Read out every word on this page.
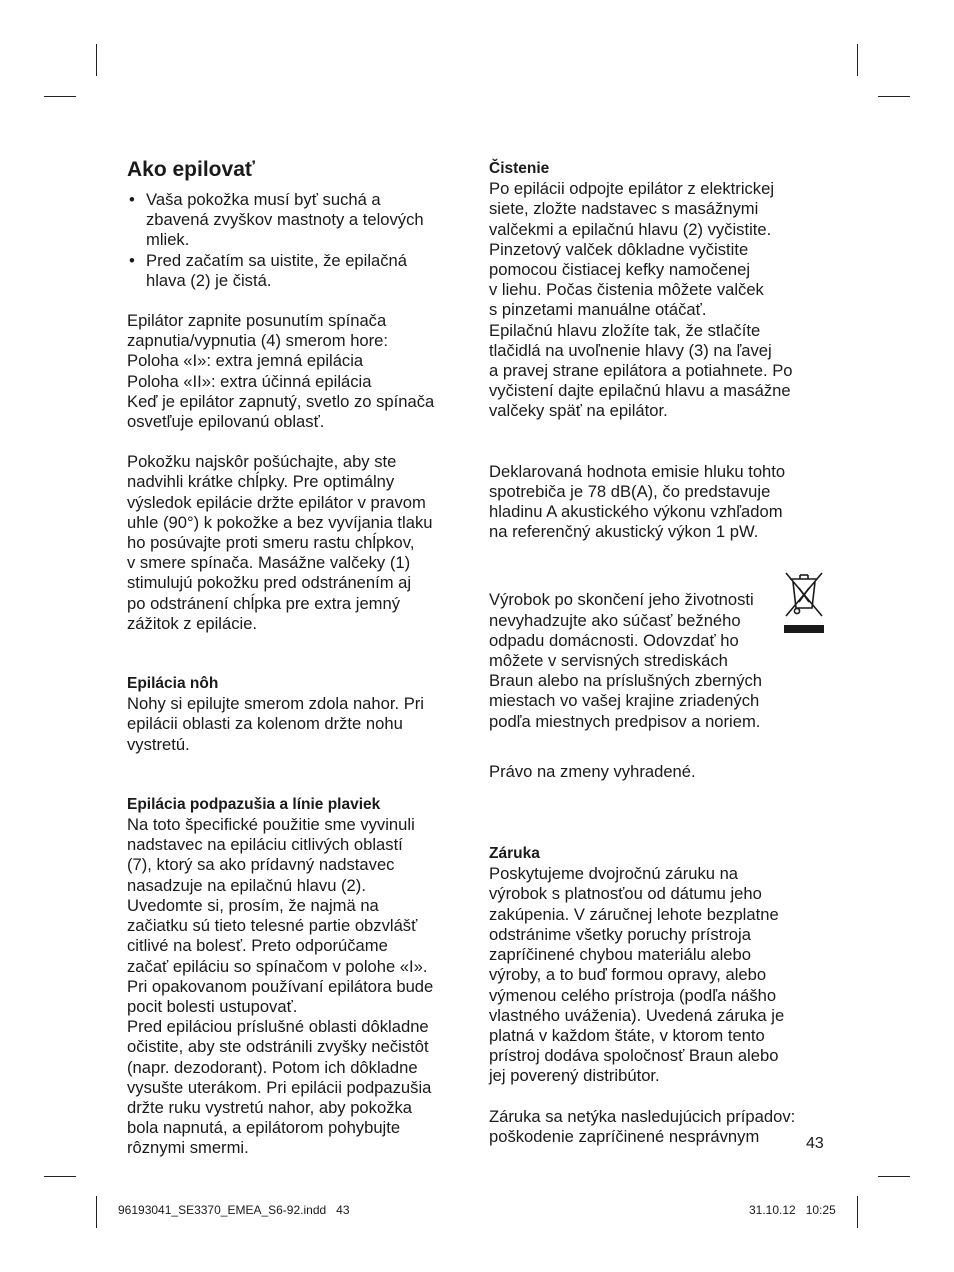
Ako epilovať
• Vaša pokožka musí byť suchá a
zbavená zvyškov mastnoty a telových
mliek.
• Pred začatím sa uistite, že epilačná
hlava (2) je čistá.
Epilátor zapnite posunutím spínača
zapnutia/vypnutia (4) smerom hore:
Poloha «I»: extra jemná epilácia
Poloha «II»: extra účinná epilácia
Keď je epilátor zapnutý, svetlo zo spínača
osvetľuje epilovanú oblasť.
Pokožku najskôr pošúchajte, aby ste
nadvihli krátke chĺpky. Pre optimálny
výsledok epilácie držte epilátor v pravom
uhle (90°) k pokožke a bez vyvíjania tlaku
ho posúvajte proti smeru rastu chĺpkov,
v smere spínača. Masážne valčeky (1)
stimulujú pokožku pred odstránením aj
po odstránení chĺpka pre extra jemný
zážitok z epilácie.
Epilácia nôh
Nohy si epilujte smerom zdola nahor. Pri
epilácii oblasti za kolenom držte nohu
vystretú.
Epilácia podpazušia a línie plaviek
Na toto špecifické použitie sme vyvinuli
nadstavec na epiláciu citlivých oblastí
(7), ktorý sa ako prídavný nadstavec
nasadzuje na epilačnú hlavu (2).
Uvedomte si, prosím, že najmä na
začiatku sú tieto telesné partie obzvlášť
citlivé na bolesť. Preto odporúčame
začať epiláciu so spínačom v polohe «I».
Pri opakovanom používaní epilátora bude
pocit bolesti ustupovať.
Pred epiláciou príslušné oblasti dôkladne
očistite, aby ste odstránili zvyšky nečistôt
(napr. dezodorant). Potom ich dôkladne
vysušte uterákom. Pri epilácii podpazušia
držte ruku vystretú nahor, aby pokožka
bola napnutá, a epilátorom pohybujte
rôznymi smermi.
Čistenie
Po epilácii odpojte epilátor z elektrickej
siete, zložte nadstavec s masážnymi
valčekmi a epilačnú hlavu (2) vyčistite.
Pinzetový valček dôkladne vyčistite
pomocou čistiacej kefky namočenej
v liehu. Počas čistenia môžete valček
s pinzetami manuálne otáčať.
Epilačnú hlavu zložíte tak, že stlačíte
tlačidlá na uvoľnenie hlavy (3) na ľavej
a pravej strane epilátora a potiahnete. Po
vyčistení dajte epilačnú hlavu a masážne
valčeky späť na epilátor.
Deklarovaná hodnota emisie hluku tohto
spotrebiča je 78 dB(A), čo predstavuje
hladinu A akustického výkonu vzhľadom
na referenčný akustický výkon 1 pW.
Výrobok po skončení jeho životnosti
nevyhadzujte ako súčasť bežného
odpadu domácnosti. Odovzdať ho
môžete v servisných strediskách
Braun alebo na príslušných zberných
miestach vo vašej krajine zriadených
podľa miestnych predpisov a noriem.
Právo na zmeny vyhradené.
Záruka
Poskytujeme dvojročnú záruku na
výrobok s platnosťou od dátumu jeho
zakúpenia. V záručnej lehote bezplatne
odstránime všetky poruchy prístroja
zapríčinené chybou materiálu alebo
výroby, a to buď formou opravy, alebo
výmenou celého prístroja (podľa nášho
vlastného uváženia). Uvedená záruka je
platná v každom štáte, v ktorom tento
prístroj dodáva spoločnosť Braun alebo
jej poverený distribútor.
Záruka sa netýka nasledujúcich prípadov:
poškodenie zapríčinené nesprávnym	43
96193041_SE3370_EMEA_S6-92.indd   43	31.10.12   10:25
